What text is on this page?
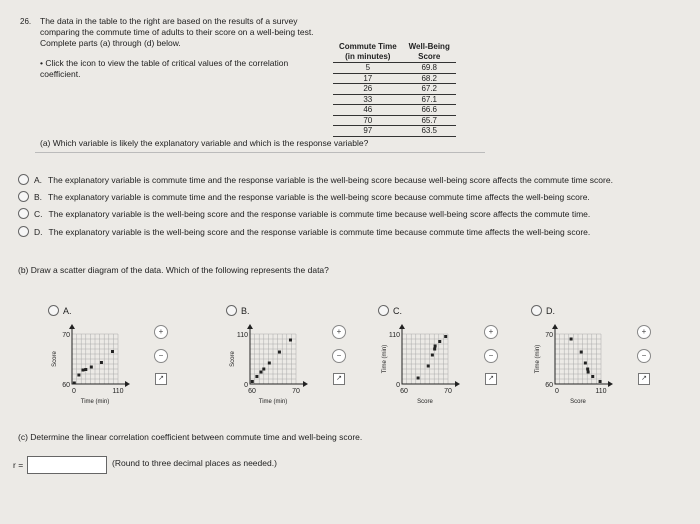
26. The data in the table to the right are based on the results of a survey comparing the commute time of adults to their score on a well-being test. Complete parts (a) through (d) below.
• Click the icon to view the table of critical values of the correlation coefficient.
Commute Time	Well-Being
(in minutes)	Score
5	69.8
17	68.2
26	67.2
33	67.1
46	66.6
70	65.7
97	63.5
(a) Which variable is likely the explanatory variable and which is the response variable?
A. The explanatory variable is commute time and the response variable is the well-being score because well-being score affects the commute time score.
B. The explanatory variable is commute time and the response variable is the well-being score because commute time affects the well-being score.
C. The explanatory variable is the well-being score and the response variable is commute time because well-being score affects the commute time.
D. The explanatory variable is the well-being score and the response variable is commute time because commute time affects the well-being score.
(b) Draw a scatter diagram of the data. Which of the following represents the data?
A.
70
60
0	110
Time (min)
Score
+
−
↗
B.
110
0
60	70
Time (min)
Score
+
−
↗
C.
110
0
60	70
Score
Time (min)
+
−
↗
D.
70
60
0	110
Score
Time (min)
+
−
↗
(c) Determine the linear correlation coefficient between commute time and well-being score.
r =	(Round to three decimal places as needed.)
